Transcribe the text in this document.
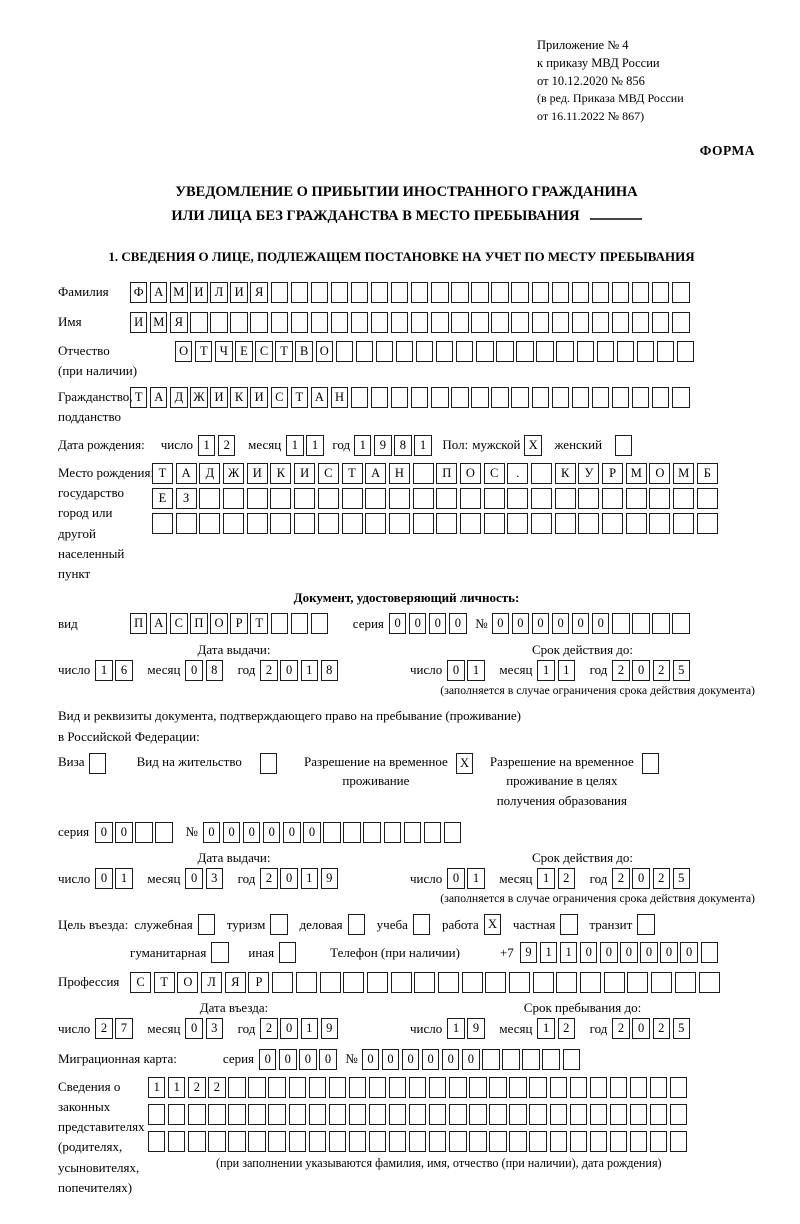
Приложение № 4
к приказу МВД России
от 10.12.2020 № 856
(в ред. Приказа МВД России
от 16.11.2022 № 867)
ФОРМА
УВЕДОМЛЕНИЕ О ПРИБЫТИИ ИНОСТРАННОГО ГРАЖДАНИНА
ИЛИ ЛИЦА БЕЗ ГРАЖДАНСТВА В МЕСТО ПРЕБЫВАНИЯ
1. СВЕДЕНИЯ О ЛИЦЕ, ПОДЛЕЖАЩЕМ ПОСТАНОВКЕ НА УЧЕТ ПО МЕСТУ ПРЕБЫВАНИЯ
Фамилия	Ф А М И Л И Я
Имя	И М Я
Отчество
(при наличии)
О Т Ч Е С Т В О
Гражданство,
подданство
Т А Д Ж И К И С Т А Н
Дата рождения: число 1	2	месяц 1	1	год 1	9	8	1	Пол: мужской X	женский
Место рождения:
государство
город или другой
населенный пункт
Т	А	Д	Ж	И	К	И	С	Т	А	Н	П	О	С	.	К	У	Р	М	О	М	Б

Е	З

Документ, удостоверяющий личность:
вид	П А С П О Р	Т	серия 0	0	0	0	№ 0	0	0	0	0	0
Дата выдачи:
число 1	6	месяц 0	8	год 2	0	1	8
Срок действия до:
число 0	1	месяц 1	1	год 2	0	2	5
(заполняется в случае ограничения срока действия документа)
Вид и реквизиты документа, подтверждающего право на пребывание (проживание)
в Российской Федерации:
Виза	Вид на жительство	Разрешение на временное
проживание
X	Разрешение на временное
проживание в целях
получения образования
серия 0	0	№ 0	0	0	0	0	0
Дата выдачи:
число 0	1	месяц 0	3	год 2	0	1	9
Срок действия до:
число 0	1	месяц 1	2	год 2	0	2	5
(заполняется в случае ограничения срока действия документа)
Цель въезда: служебная	туризм	деловая	учеба	работа X	частная	транзит
гуманитарная	иная	Телефон (при наличии)	+7 9	1	1	0	0	0	0	0	0
Профессия	С	Т	О	Л	Я	Р
Дата въезда:
число 2	7	месяц 0	3	год 2	0	1	9
Срок пребывания до:
число 1	9	месяц 1	2	год 2	0	2	5
Миграционная карта:	серия 0	0	0	0	№ 0	0	0	0	0	0
Сведения о
законных
представителях
(родителях,
усыновителях,
попечителях)
1	1	2	2

(при заполнении указываются фамилия, имя, отчество (при наличии), дата рождения)
